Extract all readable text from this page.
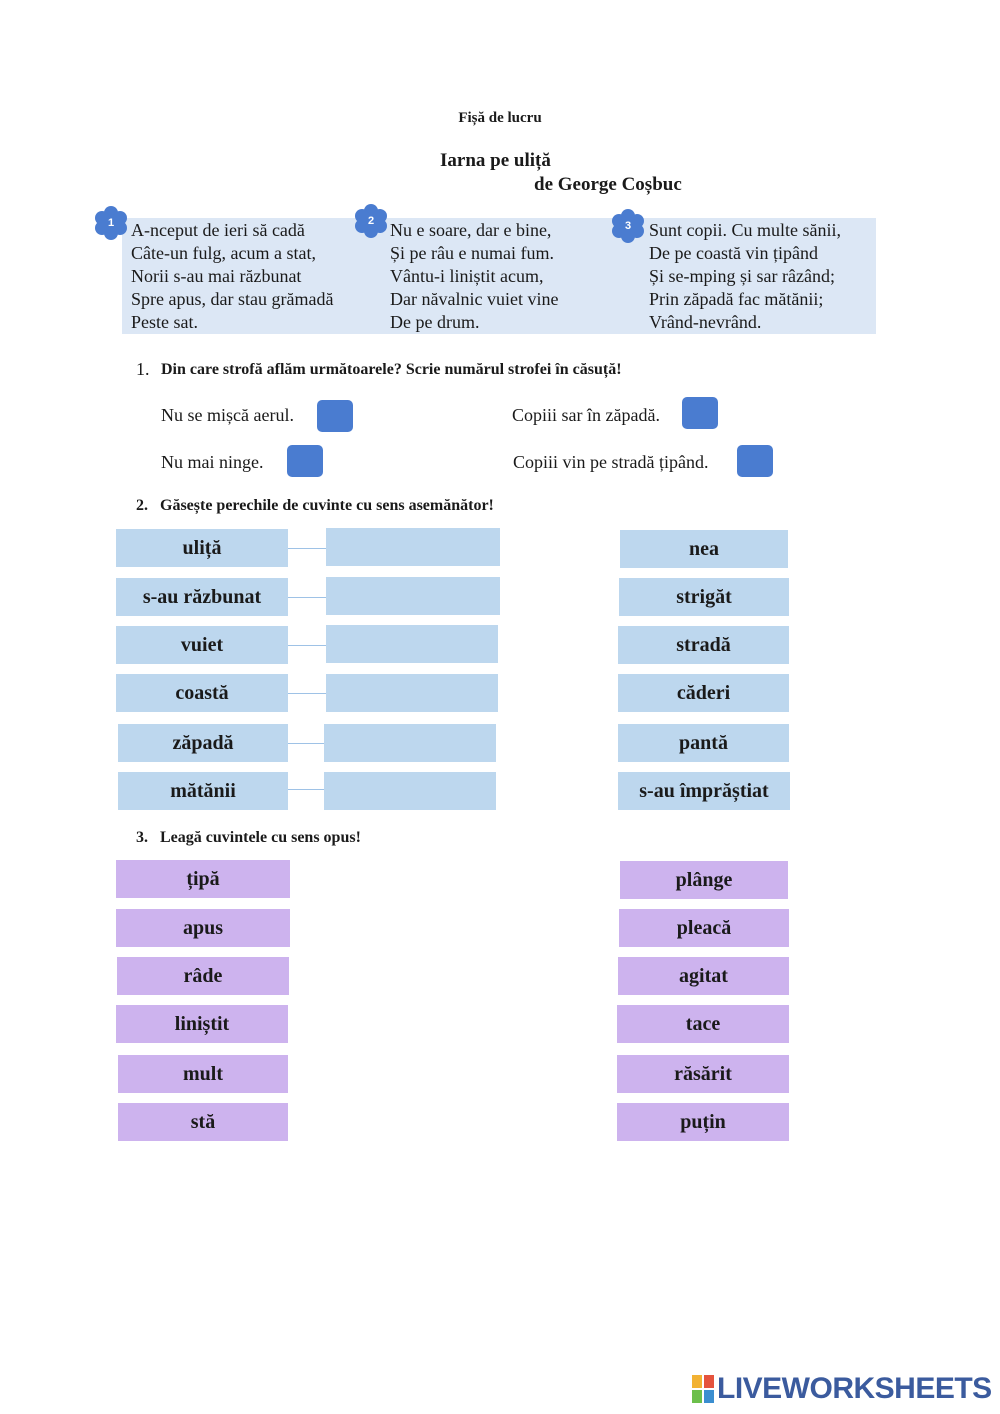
Fișă de lucru
Iarna pe uliță
de George Coșbuc
1	2	3
A-nceput de ieri să cadă
Câte-un fulg, acum a stat,
Norii s-au mai răzbunat
Spre apus, dar stau grămadă
Peste sat.
Nu e soare, dar e bine,
Și pe râu e numai fum.
Vântu-i liniștit acum,
Dar năvalnic vuiet vine
De pe drum.
Sunt copii. Cu multe sănii,
De pe coastă vin țipând
Și se-mping și sar râzând;
Prin zăpadă fac mătănii;
Vrând-nevrând.
1. Din care strofă aflăm următoarele? Scrie numărul strofei în căsuță!
Nu se mișcă aerul.	Copiii sar în zăpadă.
Nu mai ninge.	Copiii vin pe stradă țipând.
2.   Găsește perechile de cuvinte cu sens asemănător!
uliță
s-au răzbunat
vuiet
coastă
zăpadă
mătănii
nea
strigăt
stradă
căderi
pantă
s-au împrăștiat
3.   Leagă cuvintele cu sens opus!
țipă
apus
râde
liniștit
mult
stă
plânge
pleacă
agitat
tace
răsărit
puțin
LIVEWORKSHEETS
